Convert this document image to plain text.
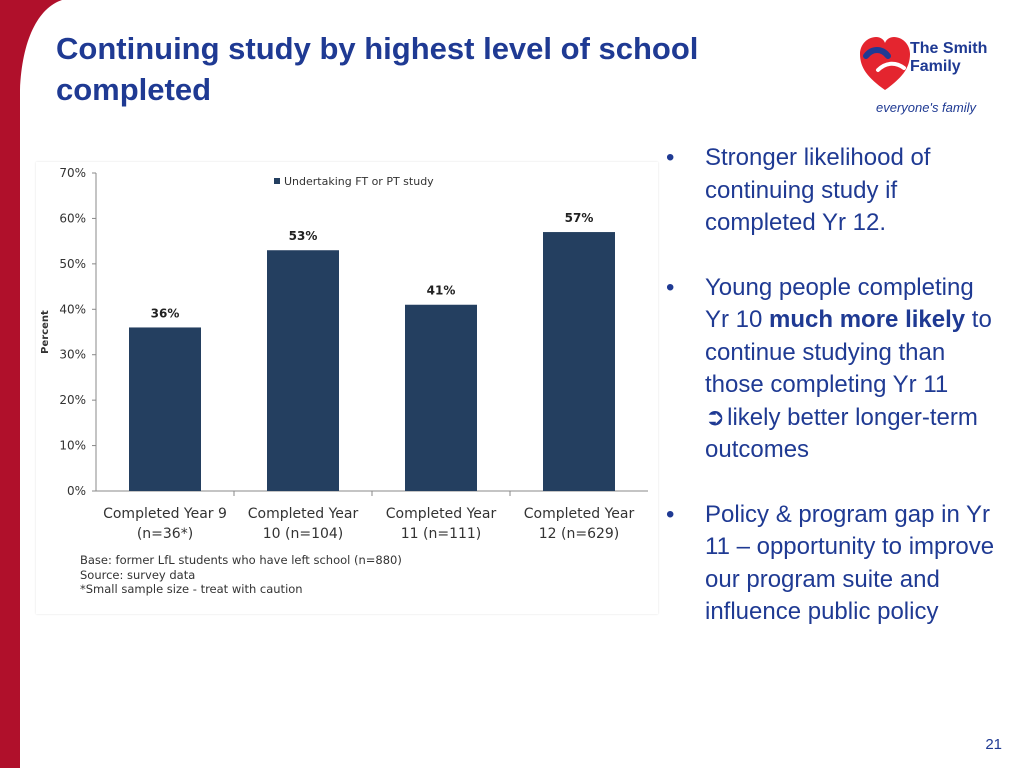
Continuing study by highest level of school completed
The Smith
Family
everyone's family
0%
10%
20%
30%
40%
50%
60%
70%
Percent	36%
Completed Year 9
(n=36*)
53%
Completed Year
10 (n=104)
41%
Completed Year
11 (n=111)
57%
Completed Year
12 (n=629)
Undertaking FT or PT study
Base: former LfL students who have left school (n=880)
Source: survey data
*Small sample size - treat with caution
• Stronger likelihood of continuing study if completed Yr 12.
• Young people completing Yr 10 much more likely to continue studying than those completing Yr 11
➲likely better longer-term outcomes
• Policy & program gap in Yr 11 – opportunity to improve our program suite and influence public policy
21
